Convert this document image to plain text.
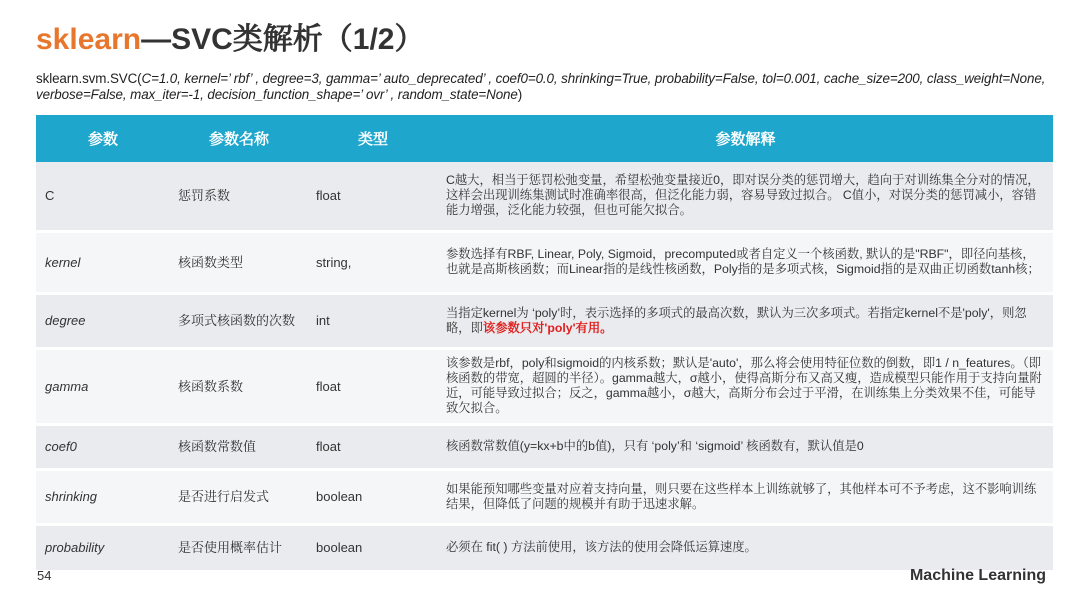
sklearn—SVC类解析（1/2）
sklearn.svm.SVC(C=1.0, kernel=’ rbf’ , degree=3, gamma=’ auto_deprecated’ , coef0=0.0, shrinking=True, probability=False, tol=0.001, cache_size=200, class_weight=None, verbose=False, max_iter=-1, decision_function_shape=’ ovr’ , random_state=None)
参数	参数名称	类型	参数解释
C	惩罚系数	float	C越大，相当于惩罚松弛变量，希望松弛变量接近0，即对误分类的惩罚增大，趋向于对训练集全分对的情况，这样会出现训练集测试时准确率很高，但泛化能力弱，容易导致过拟合。 C值小，对误分类的惩罚减小，容错能力增强，泛化能力较强，但也可能欠拟合。
kernel	核函数类型	string,	参数选择有RBF, Linear, Poly, Sigmoid，precomputed或者自定义一个核函数, 默认的是"RBF"，即径向基核，也就是高斯核函数；而Linear指的是线性核函数，Poly指的是多项式核，Sigmoid指的是双曲正切函数tanh核；
degree	多项式核函数的次数	int	当指定kernel为 ‘poly’时，表示选择的多项式的最高次数，默认为三次多项式。若指定kernel不是'poly'，则忽略，即该参数只对'poly'有用。
gamma	核函数系数	float	该参数是rbf，poly和sigmoid的内核系数；默认是'auto'，那么将会使用特征位数的倒数，即1 / n_features。（即核函数的带宽，超圆的半径）。gamma越大，σ越小，使得高斯分布又高又瘦，造成模型只能作用于支持向量附近，可能导致过拟合；反之，gamma越小，σ越大，高斯分布会过于平滑，在训练集上分类效果不佳，可能导致欠拟合。
coef0	核函数常数值	float	核函数常数值(y=kx+b中的b值)，只有 ‘poly’和 ‘sigmoid’ 核函数有，默认值是0
shrinking	是否进行启发式	boolean	如果能预知哪些变量对应着支持向量，则只要在这些样本上训练就够了，其他样本可不予考虑，这不影响训练结果，但降低了问题的规模并有助于迅速求解。
probability	是否使用概率估计	boolean	必须在 fit( ) 方法前使用，该方法的使用会降低运算速度。
54	Machine Learning
